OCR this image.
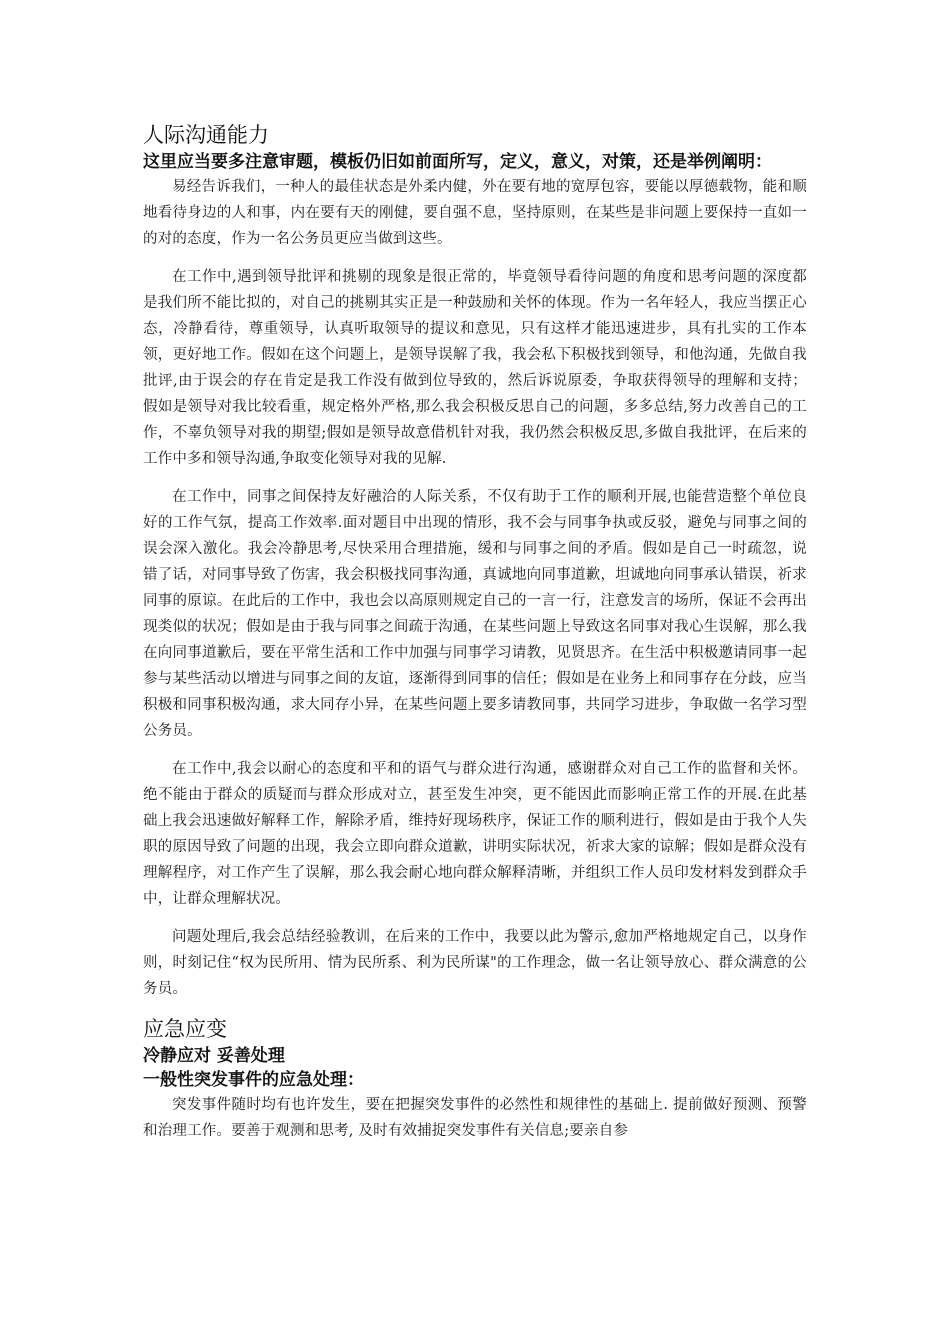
人际沟通能力
这里应当要多注意审题，模板仍旧如前面所写，定义，意义，对策，还是举例阐明：

易经告诉我们，一种人的最佳状态是外柔内健，外在要有地的宽厚包容，要能以厚德载物，能和顺地看待身边的人和事，内在要有天的刚健，要自强不息，坚持原则，在某些是非问题上要保持一直如一的对的态度，作为一名公务员更应当做到这些。

在工作中,遇到领导批评和挑剔的现象是很正常的，毕竟领导看待问题的角度和思考问题的深度都是我们所不能比拟的，对自己的挑剔其实正是一种鼓励和关怀的体现。作为一名年轻人，我应当摆正心态，冷静看待，尊重领导，认真听取领导的提议和意见，只有这样才能迅速进步，具有扎实的工作本领，更好地工作。假如在这个问题上，是领导误解了我，我会私下积极找到领导，和他沟通，先做自我批评,由于误会的存在肯定是我工作没有做到位导致的，然后诉说原委，争取获得领导的理解和支持；假如是领导对我比较看重，规定格外严格,那么我会积极反思自己的问题，多多总结,努力改善自己的工作，不辜负领导对我的期望;假如是领导故意借机针对我，我仍然会积极反思,多做自我批评，在后来的工作中多和领导沟通,争取变化领导对我的见解.

在工作中，同事之间保持友好融洽的人际关系，不仅有助于工作的顺利开展,也能营造整个单位良好的工作气氛，提高工作效率.面对题目中出现的情形，我不会与同事争执或反驳，避免与同事之间的误会深入激化。我会冷静思考,尽快采用合理措施，缓和与同事之间的矛盾。假如是自己一时疏忽，说错了话，对同事导致了伤害，我会积极找同事沟通，真诚地向同事道歉，坦诚地向同事承认错误，祈求同事的原谅。在此后的工作中，我也会以高原则规定自己的一言一行，注意发言的场所，保证不会再出现类似的状况；假如是由于我与同事之间疏于沟通，在某些问题上导致这名同事对我心生误解，那么我在向同事道歉后，要在平常生活和工作中加强与同事学习请教，见贤思齐。在生活中积极邀请同事一起参与某些活动以增进与同事之间的友谊，逐渐得到同事的信任；假如是在业务上和同事存在分歧，应当积极和同事积极沟通，求大同存小异，在某些问题上要多请教同事，共同学习进步，争取做一名学习型公务员。

在工作中,我会以耐心的态度和平和的语气与群众进行沟通，感谢群众对自己工作的监督和关怀。绝不能由于群众的质疑而与群众形成对立，甚至发生冲突，更不能因此而影响正常工作的开展.在此基础上我会迅速做好解释工作，解除矛盾，维持好现场秩序，保证工作的顺利进行，假如是由于我个人失职的原因导致了问题的出现，我会立即向群众道歉，讲明实际状况，祈求大家的谅解；假如是群众没有理解程序，对工作产生了误解，那么我会耐心地向群众解释清晰，并组织工作人员印发材料发到群众手中，让群众理解状况。

问题处理后,我会总结经验教训，在后来的工作中，我要以此为警示,愈加严格地规定自己，以身作则，时刻记住“权为民所用、情为民所系、利为民所谋"的工作理念，做一名让领导放心、群众满意的公务员。

应急应变
冷静应对 妥善处理
一般性突发事件的应急处理：

突发事件随时均有也许发生，要在把握突发事件的必然性和规律性的基础上. 提前做好预测、预警和治理工作。要善于观测和思考, 及时有效捕捉突发事件有关信息;要亲自参
